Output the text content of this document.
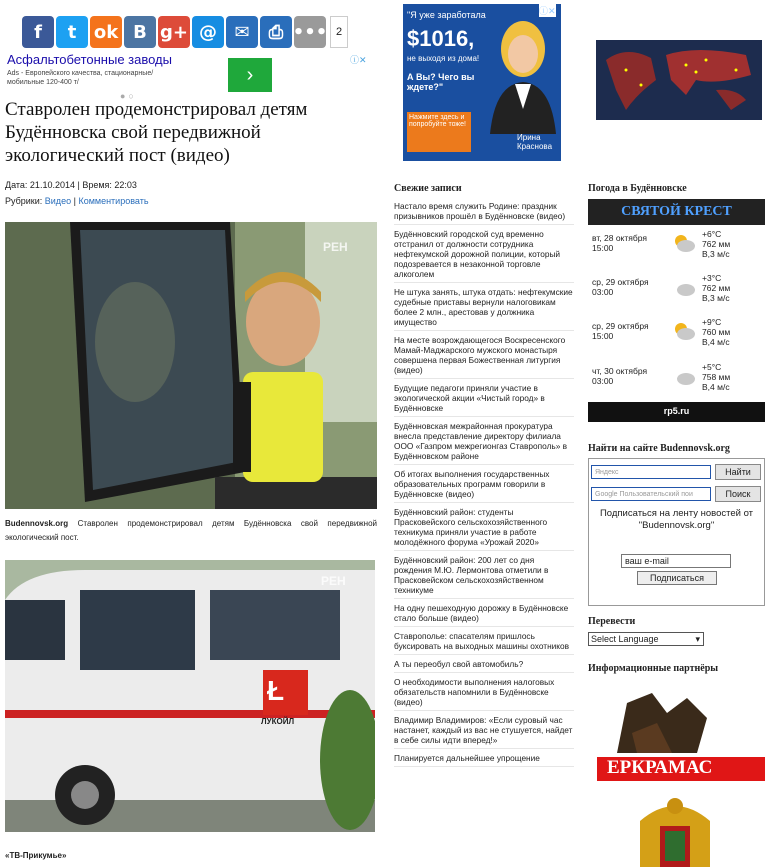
f	t ok B g+ @ ✉	⎙ ••• 2
Асфальтобетонные заводы
Ads - Европейского качества, стационарные/мобильные 120-400 т/	›
ⓘ✕
●○
Ставролен продемонстрировал детям Будённовска свой передвижной экологический пост (видео)
Дата: 21.10.2014 | Время: 22:03
Рубрики: Видео | Комментировать
РЕН
Budennovsk.org Ставролен продемонстрировал детям Будённовска свой передвижной экологический пост.
Ł
ЛУКОЙЛ
РЕН
«ТВ-Прикумье»
"Я уже заработала
$1016,
не выходя из дома!
А Вы? Чего вы ждете?"
Нажмите здесь и попробуйте тоже!
Ирина Краснова
ⓘ✕
Свежие записи
Настало время служить Родине: праздник призывников прошёл в Будённовске (видео)
Будённовский городской суд временно отстранил от должности сотрудника нефтекумской дорожной полиции, который подозревается в незаконной торговле алкоголем
Не штука занять, штука отдать: нефтекумские судебные приставы вернули налоговикам более 2 млн., арестовав у должника имущество
На месте возрождающегося Воскресенского Мамай-Маджарского мужского монастыря совершена первая Божественная литургия (видео)
Будущие педагоги приняли участие в экологической акции «Чистый город» в Будённовске
Будённовская межрайонная прокуратура внесла представление директору филиала ООО «Газпром межрегионгаз Ставрополь» в Будённовском районе
Об итогах выполнения государственных образовательных программ говорили в Будённовске (видео)
Будённовский район: студенты Прасковейского сельскохозяйственного техникума приняли участие в работе молодёжного форума «Урожай 2020»
Будённовский район: 200 лет со дня рождения М.Ю. Лермонтова отметили в Прасковейском сельскохозяйственном техникуме
На одну пешеходную дорожку в Будённовске стало больше (видео)
Ставрополье: спасателям пришлось буксировать на выходных машины охотников
А ты переобул свой автомобиль?
О необходимости выполнения налоговых обязательств напомнили в Будённовске (видео)
Владимир Владимиров: «Если суровый час настанет, каждый из вас не стушуется, найдет в себе силы идти вперед!»
Планируется дальнейшее упрощение
Погода в Будённовске
СВЯТОЙ КРЕСТ
вт, 28 октября 15:00
+6°C
762 мм
В,3 м/с
ср, 29 октября 03:00
+3°C
762 мм
В,3 м/с
ср, 29 октября 15:00
+9°C
760 мм
В,4 м/с
чт, 30 октября 03:00
+5°C
758 мм
В,4 м/с
rp5.ru
Найти на сайте Budennovsk.org
Яндекс	Найти
Google Пользовательский пои	Поиск
Подписаться на ленту новостей от "Budennovsk.org"
ваш e-mail
Подписаться
Перевести
Select Language	▾
Информационные партнёры
ЕРКРАМАС
